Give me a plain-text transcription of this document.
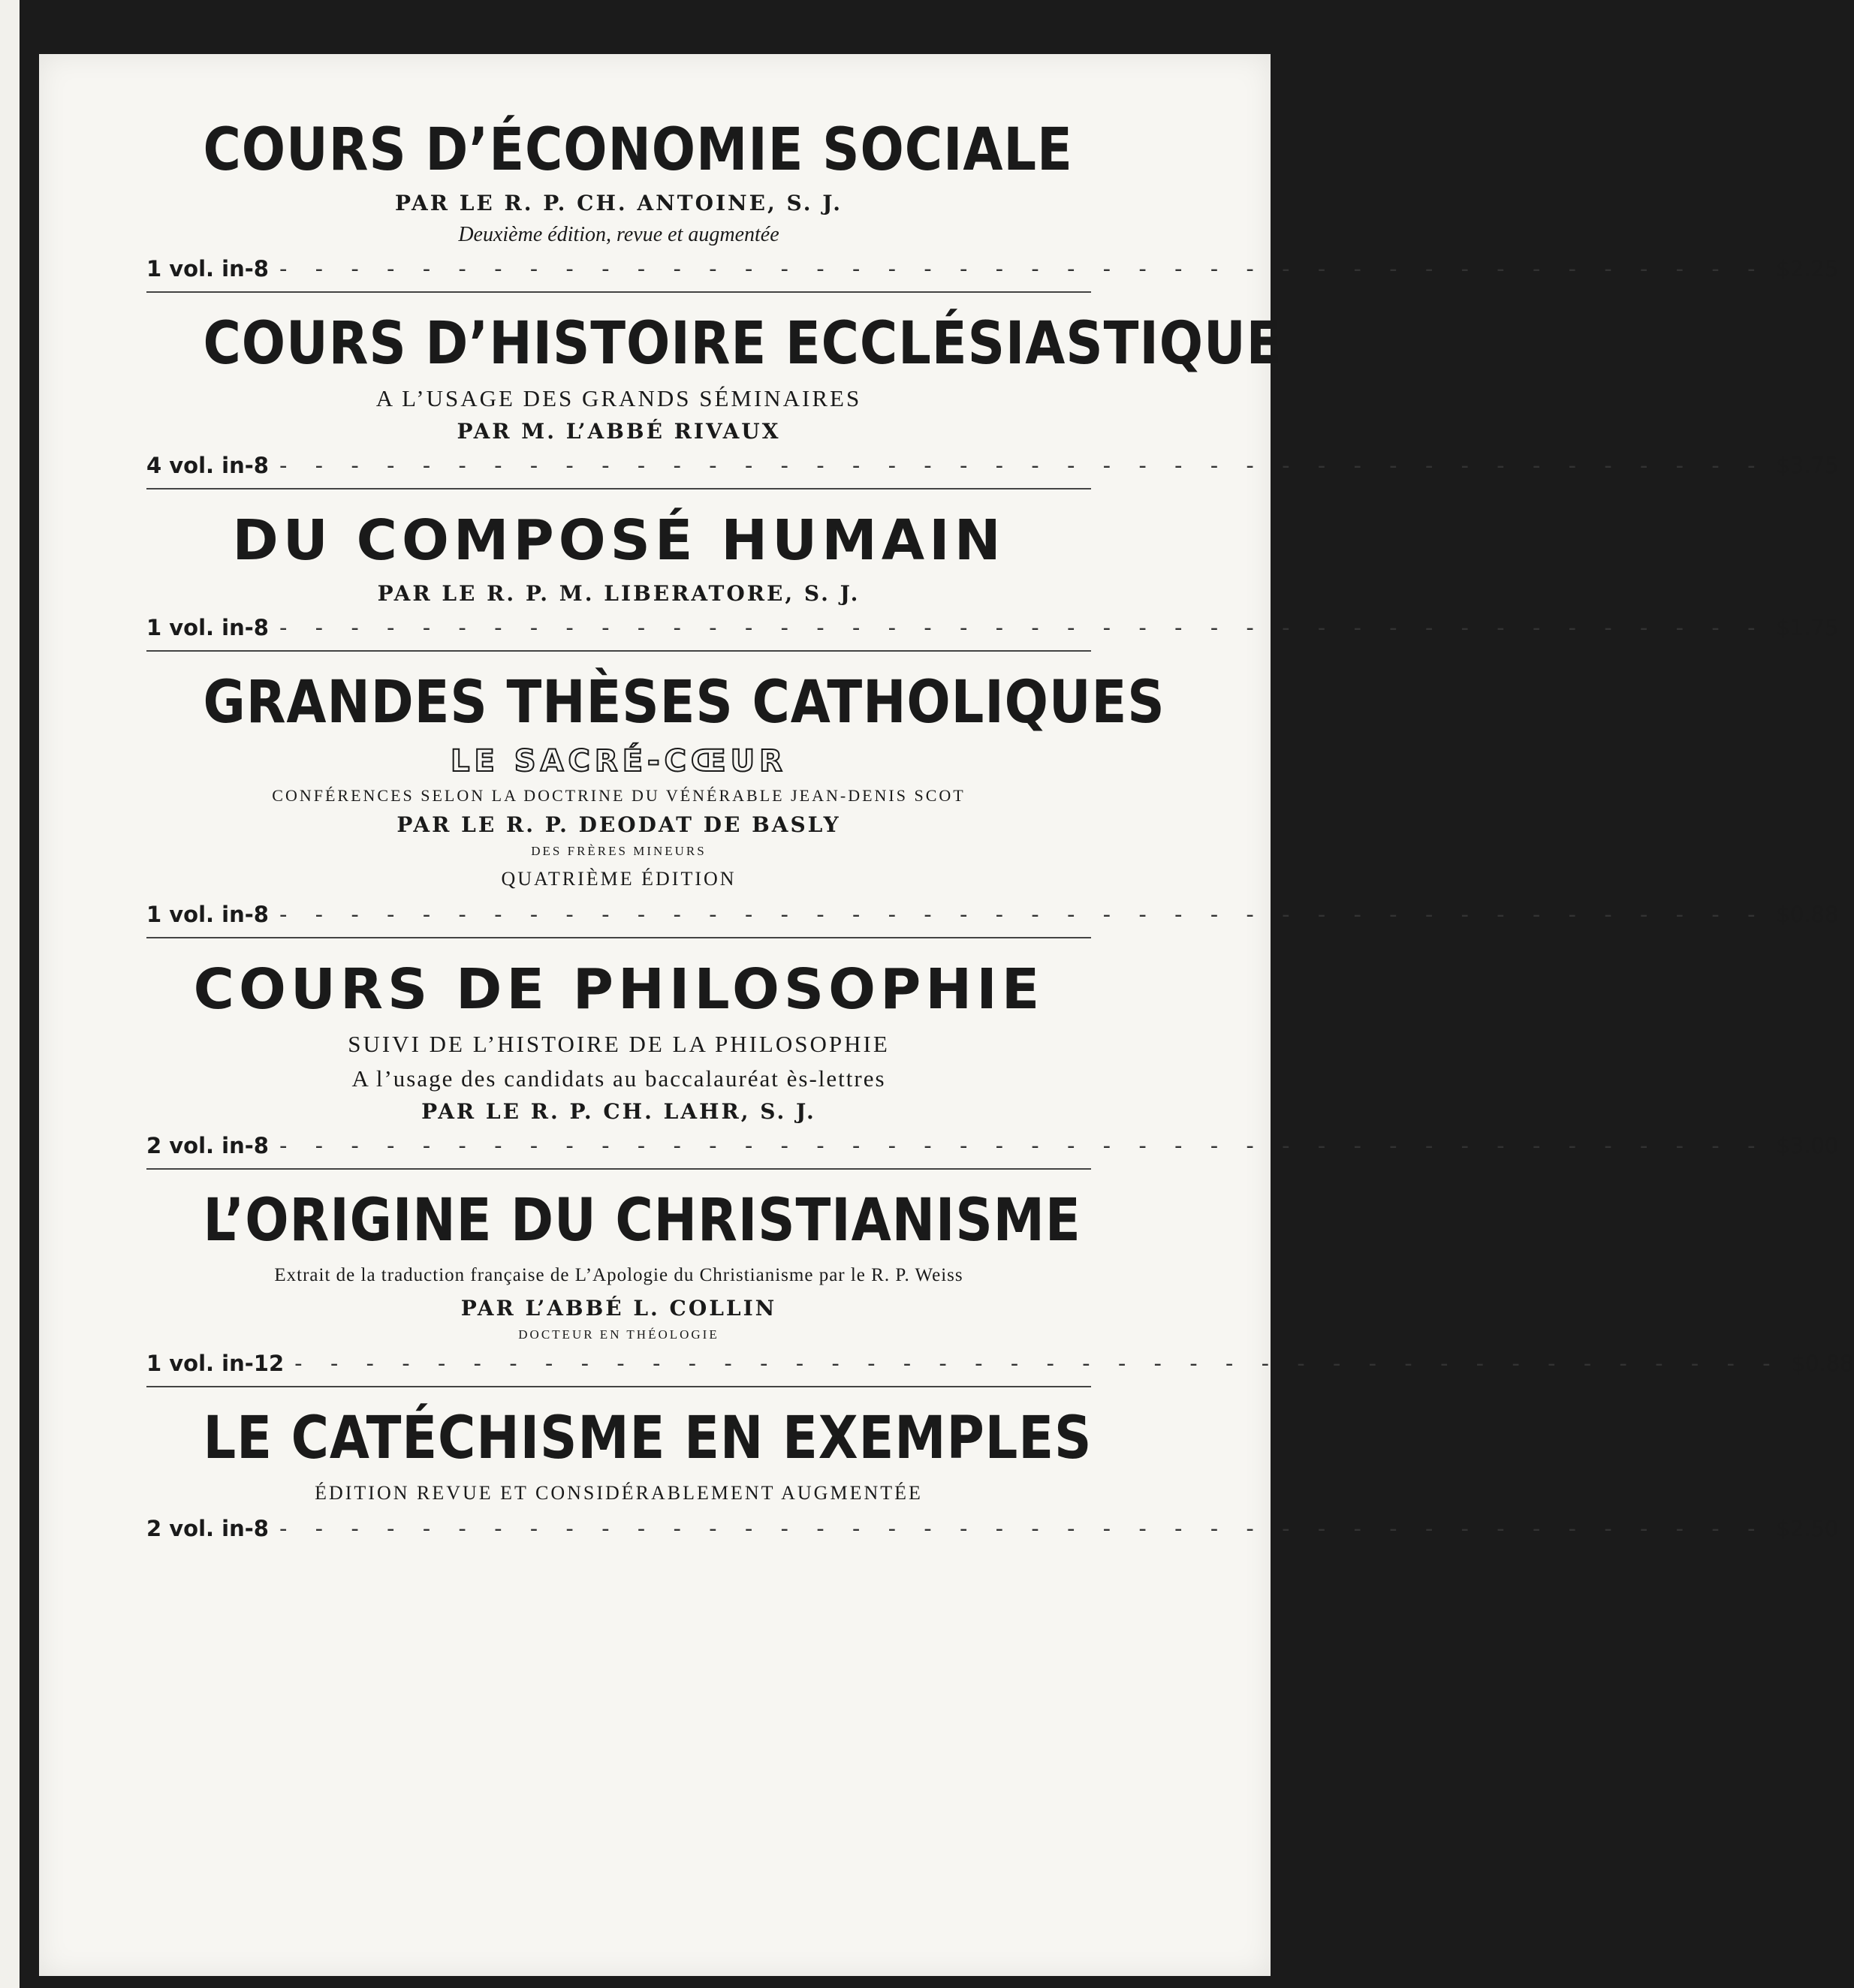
COURS D’ÉCONOMIE SOCIALE

PAR LE R. P. CH. ANTOINE, S. J.

Deuxième édition, revue et augmentée

1 vol. in-8 - - - - - - - - - - - - - - - - - - - - - - - - - - - - - - - - - - - - - - - - - - $2.25

COURS D’HISTOIRE ECCLÉSIASTIQUE

A L’USAGE DES GRANDS SÉMINAIRES

PAR M. L’ABBÉ RIVAUX

4 vol. in-8 - - - - - - - - - - - - - - - - - - - - - - - - - - - - - - - - - - - - - - - - - - $3.75

DU COMPOSÉ HUMAIN

PAR LE R. P. M. LIBERATORE, S. J.

1 vol. in-8 - - - - - - - - - - - - - - - - - - - - - - - - - - - - - - - - - - - - - - - - - - $1.75

GRANDES THÈSES CATHOLIQUES

LE SACRÉ-CŒUR

CONFÉRENCES SELON LA DOCTRINE DU VÉNÉRABLE JEAN-DENIS SCOT

PAR LE R. P. DEODAT DE BASLY

DES FRÈRES MINEURS

QUATRIÈME ÉDITION

1 vol. in-8 - - - - - - - - - - - - - - - - - - - - - - - - - - - - - - - - - - - - - - - - - - $0.88

COURS DE PHILOSOPHIE

SUIVI DE L’HISTOIRE DE LA PHILOSOPHIE

A l’usage des candidats au baccalauréat ès-lettres

PAR LE R. P. CH. LAHR, S. J.

2 vol. in-8 - - - - - - - - - - - - - - - - - - - - - - - - - - - - - - - - - - - - - - - - - - $3.00

L’ORIGINE DU CHRISTIANISME

Extrait de la traduction française de L’Apologie du Christianisme par le R. P. Weiss

PAR L’ABBÉ L. COLLIN

DOCTEUR EN THÉOLOGIE

1 vol. in-12 - - - - - - - - - - - - - - - - - - - - - - - - - - - - - - - - - - - - - - - - - - $0.88

LE CATÉCHISME EN EXEMPLES

ÉDITION REVUE ET CONSIDÉRABLEMENT AUGMENTÉE

2 vol. in-8 - - - - - - - - - - - - - - - - - - - - - - - - - - - - - - - - - - - - - - - - - - $2.50
